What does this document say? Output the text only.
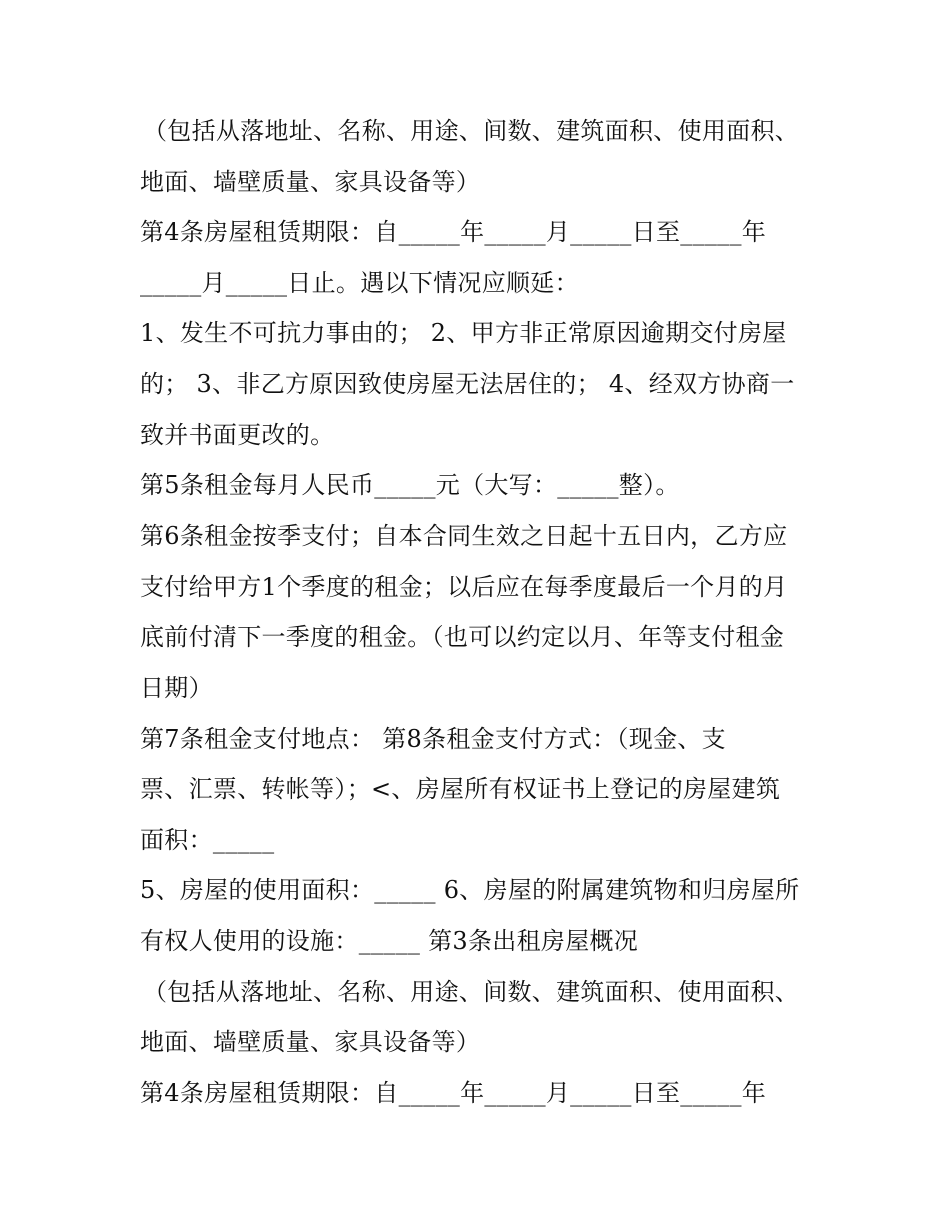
（包括从落地址、名称、用途、间数、建筑面积、使用面积、
地面、墙壁质量、家具设备等）
第4条房屋租赁期限：自_____年_____月_____日至_____年
_____月_____日止。遇以下情况应顺延：
1、发生不可抗力事由的； 2、甲方非正常原因逾期交付房屋
的； 3、非乙方原因致使房屋无法居住的； 4、经双方协商一
致并书面更改的。
第5条租金每月人民币_____元（大写：_____整）。
第6条租金按季支付；自本合同生效之日起十五日内，乙方应
支付给甲方1个季度的租金；以后应在每季度最后一个月的月
底前付清下一季度的租金。（也可以约定以月、年等支付租金
日期）
第7条租金支付地点： 第8条租金支付方式：（现金、支
票、汇票、转帐等）；<、房屋所有权证书上登记的房屋建筑
面积：_____
5、房屋的使用面积：_____ 6、房屋的附属建筑物和归房屋所
有权人使用的设施：_____ 第3条出租房屋概况
（包括从落地址、名称、用途、间数、建筑面积、使用面积、
地面、墙壁质量、家具设备等）
第4条房屋租赁期限：自_____年_____月_____日至_____年
